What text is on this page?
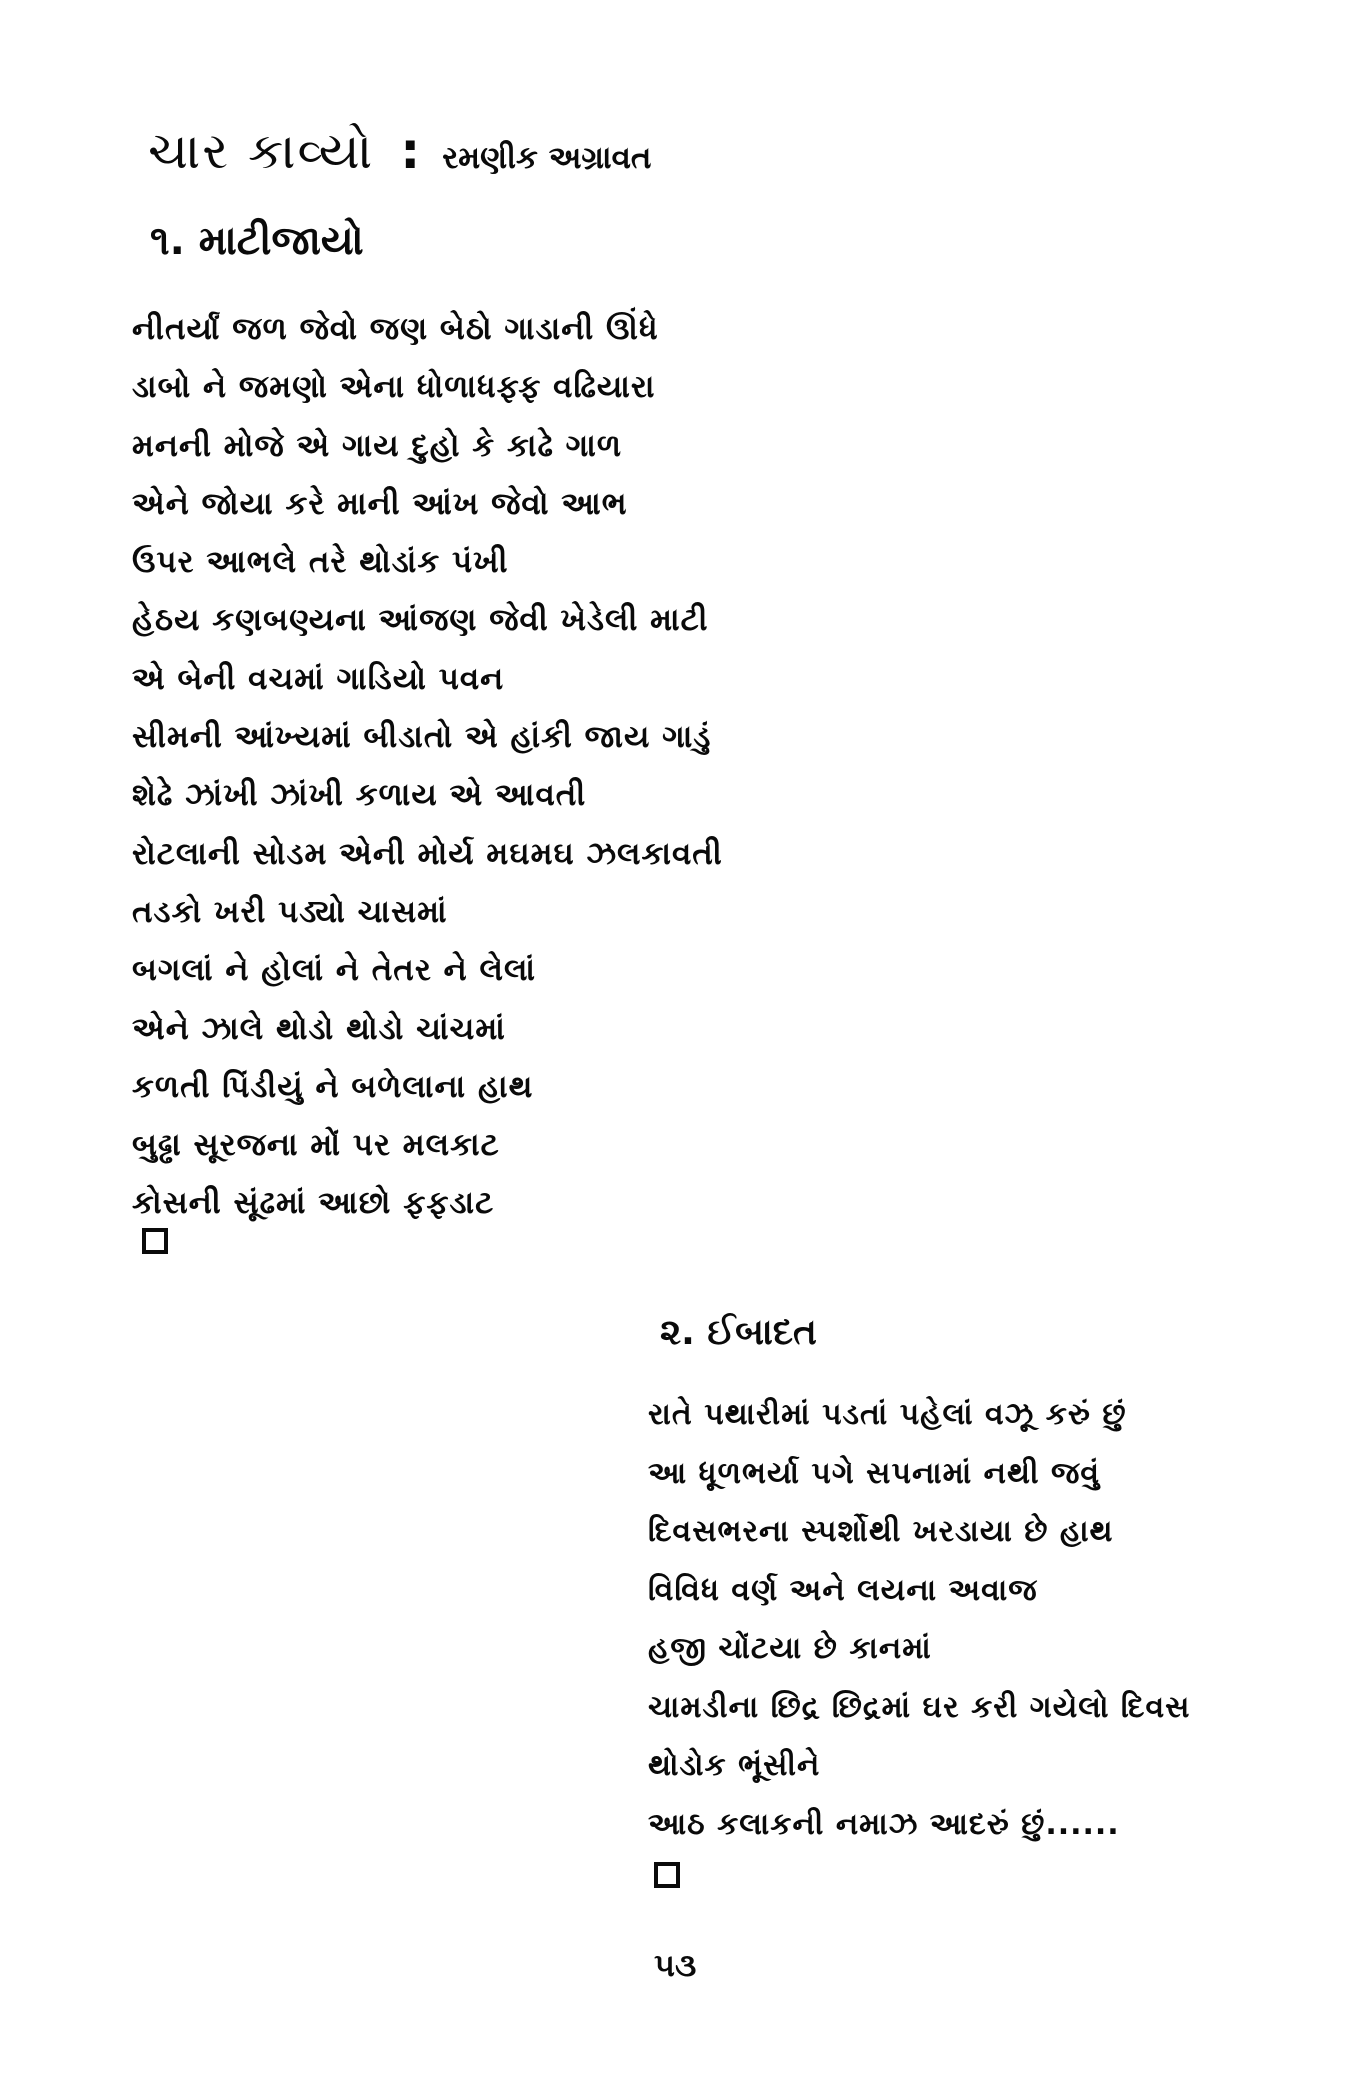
ચાર કાવ્યો : રમણીક અગ્રાવત
૧. માટીજાયો
નીતર્યાં જળ જેવો જણ બેઠો ગાડાની ઊંધે
ડાબો ને જમણો એના ધોળાધફ્ફ વઢિયારા
મનની મોજે એ ગાય દુહો કે કાઢે ગાળ
એને જોયા કરે માની આંખ જેવો આભ
ઉપર આભલે તરે થોડાંક પંખી
હેઠય કણબણ્યના આંજણ જેવી ખેડેલી માટી
એ બેની વચમાં ગાડિયો પવન
સીમની આંખ્યમાં બીડાતો એ હાંકી જાય ગાડું
શેઢે ઝાંખી ઝાંખી કળાય એ આવતી
રોટલાની સોડમ એની મોર્ય મઘમઘ ઝલકાવતી
તડકો ખરી પડ્યો ચાસમાં
બગલાં ને હોલાં ને તેતર ને લેલાં
એને ઝાલે થોડો થોડો ચાંચમાં
કળતી પિંડીયું ને બળેલાના હાથ
બુઢ્ઢા સૂરજના મોં પર મલકાટ
કોસની સૂંઢમાં આછો ફફડાટ
૨. ઈબાદત
રાતે પથારીમાં પડતાં પહેલાં વઝૂ કરું છું
આ ધૂળભર્યા પગે સપનામાં નથી જવું
દિવસભરના સ્પર્શોથી ખરડાયા છે હાથ
વિવિધ વર્ણ અને લયના અવાજ
હજી ચોંટયા છે કાનમાં
ચામડીના છિદ્ર છિદ્રમાં ઘર કરી ગયેલો દિવસ
થોડોક ભૂંસીને
આઠ કલાકની નમાઝ આદરું છું......
૫૩
